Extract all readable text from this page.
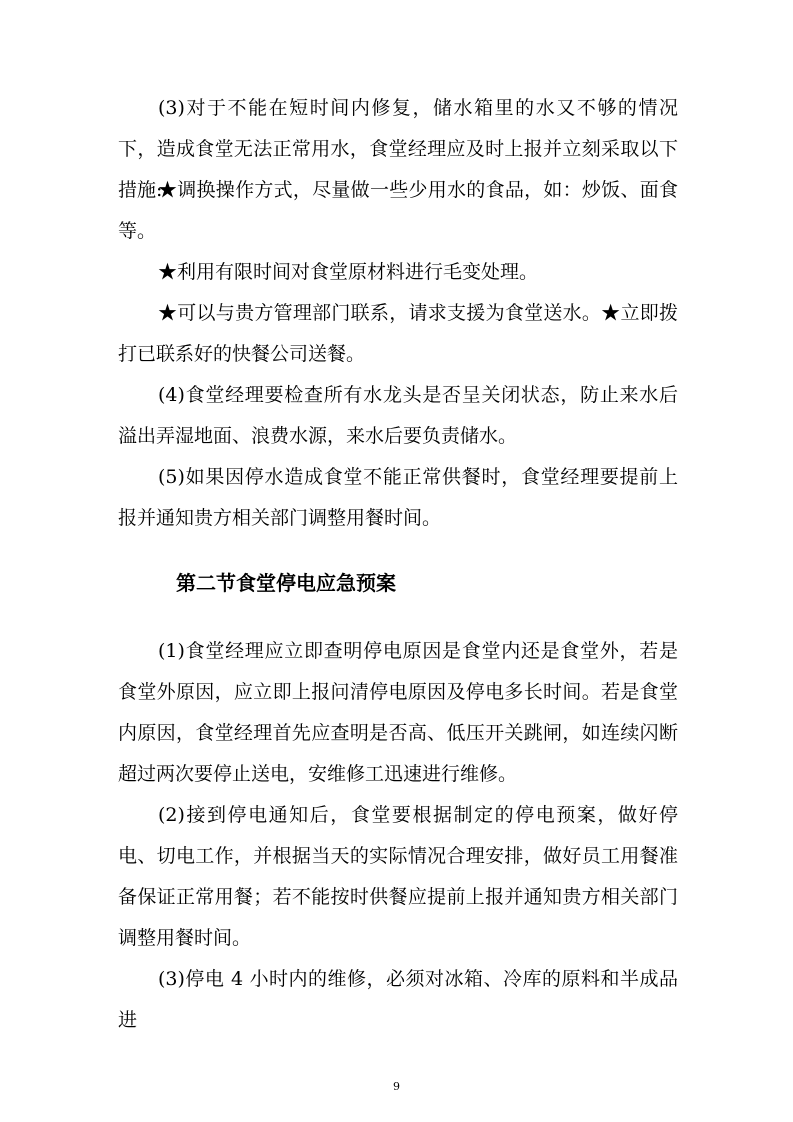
(3)对于不能在短时间内修复，储水箱里的水又不够的情况下，造成食堂无法正常用水，食堂经理应及时上报并立刻采取以下措施:

★调换操作方式，尽量做一些少用水的食品，如：炒饭、面食等。

★利用有限时间对食堂原材料进行毛变处理。

★可以与贵方管理部门联系，请求支援为食堂送水。★立即拨打已联系好的快餐公司送餐。

(4)食堂经理要检查所有水龙头是否呈关闭状态，防止来水后溢出弄湿地面、浪费水源，来水后要负责储水。

(5)如果因停水造成食堂不能正常供餐时，食堂经理要提前上报并通知贵方相关部门调整用餐时间。

第二节食堂停电应急预案

(1)食堂经理应立即查明停电原因是食堂内还是食堂外，若是食堂外原因，应立即上报问清停电原因及停电多长时间。若是食堂内原因，食堂经理首先应查明是否高、低压开关跳闸，如连续闪断超过两次要停止送电，安维修工迅速进行维修。

(2)接到停电通知后，食堂要根据制定的停电预案，做好停电、切电工作，并根据当天的实际情况合理安排，做好员工用餐准备保证正常用餐；若不能按时供餐应提前上报并通知贵方相关部门调整用餐时间。

(3)停电 4 小时内的维修，必须对冰箱、冷库的原料和半成品进

9
